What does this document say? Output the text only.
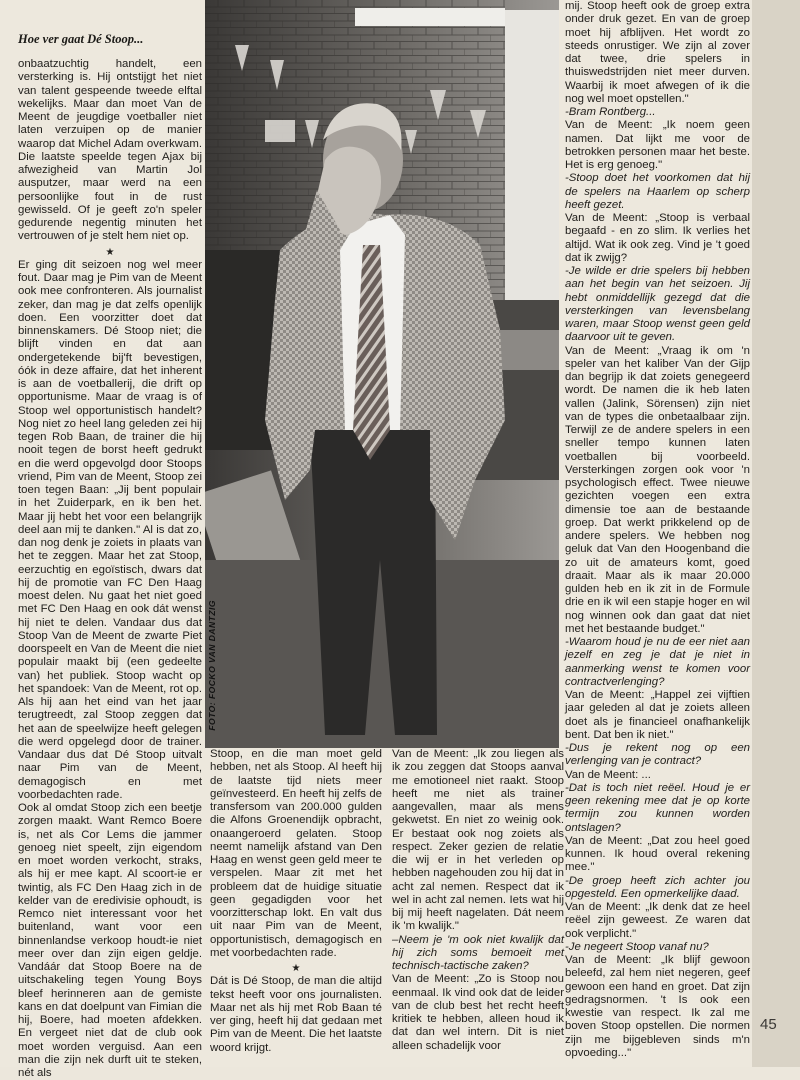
Hoe ver gaat Dé Stoop...

onbaatzuchtig handelt, een versterking is. Hij ontstijgt het niet van talent gespeende tweede elftal wekelijks. Maar dan moet Van de Meent de jeugdige voetballer niet laten verzuipen op de manier waarop dat Michel Adam overkwam. Die laatste speelde tegen Ajax bij afwezigheid van Martin Jol ausputzer, maar werd na een persoonlijke fout in de rust gewisseld. Of je geeft zo'n speler gedurende negentig minuten het vertrouwen of je stelt hem niet op.

★

Er ging dit seizoen nog wel meer fout. Daar mag je Pim van de Meent ook mee confronteren. Als journalist zeker, dan mag je dat zelfs openlijk doen. Een voorzitter doet dat binnenskamers. Dé Stoop niet; die blijft vinden en dat aan ondergetekende bij'ft bevestigen, óók in deze affaire, dat het inherent is aan de voetballerij, die drift op opportunisme. Maar de vraag is of Stoop wel opportunistisch handelt? Nog niet zo heel lang geleden zei hij tegen Rob Baan, de trainer die hij nooit tegen de borst heeft gedrukt en die werd opgevolgd door Stoops vriend, Pim van de Meent, Stoop zei toen tegen Baan: „Jij bent populair in het Zuiderpark, en ik ben het. Maar jij hebt het voor een belangrijk deel aan mij te danken." Al is dat zo, dan nog denk je zoiets in plaats van het te zeggen. Maar het zat Stoop, eerzuchtig en egoïstisch, dwars dat hij de promotie van FC Den Haag moest delen. Nu gaat het niet goed met FC Den Haag en ook dát wenst hij niet te delen. Vandaar dus dat Stoop Van de Meent de zwarte Piet doorspeelt en Van de Meent die niet populair maakt bij (een gedeelte van) het publiek. Stoop wacht op het spandoek: Van de Meent, rot op. Als hij aan het eind van het jaar terugtreedt, zal Stoop zeggen dat het aan de speelwijze heeft gelegen die werd opgelegd door de trainer. Vandaar dus dat Dé Stoop uitvalt naar Pim van de Meent, demagogisch en met voorbedachten rade.

Ook al omdat Stoop zich een beetje zorgen maakt. Want Remco Boere is, net als Cor Lems die jammer genoeg niet speelt, zijn eigendom en moet worden verkocht, straks, als hij er mee kapt. Al scoort-ie er twintig, als FC Den Haag zich in de kelder van de eredivisie ophoudt, is Remco niet interessant voor het buitenland, want voor een binnenlandse verkoop houdt-ie niet meer over dan zijn eigen geldje. Vandáár dat Stoop Boere na de uitschakeling tegen Young Boys bleef herinneren aan de gemiste kans en dat doelpunt van Fimian die hij, Boere, had moeten afdekken. En vergeet niet dat de club ook moet worden verguisd. Aan een man die zijn nek durft uit te steken, nét als

FOTO: FOCKO VAN DANTZIG

Stoop, en die man moet geld hebben, net als Stoop. Al heeft hij de laatste tijd niets meer geïnvesteerd. En heeft hij zelfs de transfersom van 200.000 gulden die Alfons Groenendijk opbracht, onaangeroerd gelaten. Stoop neemt namelijk afstand van Den Haag en wenst geen geld meer te verspelen. Maar zit met het probleem dat de huidige situatie geen gegadigden voor het voorzitterschap lokt. En valt dus uit naar Pim van de Meent, opportunistisch, demagogisch en met voorbedachten rade.

★

Dát is Dé Stoop, de man die altijd tekst heeft voor ons journalisten. Maar net als hij met Rob Baan té ver ging, heeft hij dat gedaan met Pim van de Meent. Die het laatste woord krijgt.

Van de Meent: „Ik zou liegen als ik zou zeggen dat Stoops aanval me emotioneel niet raakt. Stoop heeft me niet als trainer aangevallen, maar als mens gekwetst. En niet zo weinig ook. Er bestaat ook nog zoiets als respect. Zeker gezien de relatie die wij er in het verleden op hebben nagehouden zou hij dat in acht zal nemen. Respect dat ik wel in acht zal nemen. Iets wat hij bij mij heeft nagelaten. Dát neem ik 'm kwalijk."

–Neem je 'm ook niet kwalijk dat hij zich soms bemoeit met technisch-tactische zaken?

Van de Meent: „Zo is Stoop nou eenmaal. Ik vind ook dat de leider van de club best het recht heeft kritiek te hebben, alleen houd ik dat dan wel intern. Dit is niet alleen schadelijk voor

mij. Stoop heeft ook de groep extra onder druk gezet. En van de groep moet hij afblijven. Het wordt zo steeds onrustiger. We zijn al zover dat twee, drie spelers in thuiswedstrijden niet meer durven. Waarbij ik moet afwegen of ik die nog wel moet opstellen."

-Bram Rontberg...

Van de Meent: „Ik noem geen namen. Dat lijkt me voor de betrokken personen maar het beste. Het is erg genoeg."

-Stoop doet het voorkomen dat hij de spelers na Haarlem op scherp heeft gezet.

Van de Meent: „Stoop is verbaal begaafd - en zo slim. Ik verlies het altijd. Wat ik ook zeg. Vind je 't goed dat ik zwijg?

-Je wilde er drie spelers bij hebben aan het begin van het seizoen. Jij hebt onmiddellijk gezegd dat die versterkingen van levensbelang waren, maar Stoop wenst geen geld daarvoor uit te geven.

Van de Meent: „Vraag ik om 'n speler van het kaliber Van der Gijp dan begrijp ik dat zoiets genegeerd wordt. De namen die ik heb laten vallen (Jalink, Sörensen) zijn niet van de types die onbetaalbaar zijn. Terwijl ze de andere spelers in een sneller tempo kunnen laten voetballen bij voorbeeld. Versterkingen zorgen ook voor 'n psychologisch effect. Twee nieuwe gezichten voegen een extra dimensie toe aan de bestaande groep. Dat werkt prikkelend op de andere spelers. We hebben nog geluk dat Van den Hoogenband die zo uit de amateurs komt, goed draait. Maar als ik maar 20.000 gulden heb en ik zit in de Formule drie en ik wil een stapje hoger en wil nog winnen ook dan gaat dat niet met het bestaande budget."

-Waarom houd je nu de eer niet aan jezelf en zeg je dat je niet in aanmerking wenst te komen voor contractverlenging?

Van de Meent: „Happel zei vijftien jaar geleden al dat je zoiets alleen doet als je financieel onafhankelijk bent. Dat ben ik niet."

-Dus je rekent nog op een verlenging van je contract?

Van de Meent: ...

-Dat is toch niet reëel. Houd je er geen rekening mee dat je op korte termijn zou kunnen worden ontslagen?

Van de Meent: „Dat zou heel goed kunnen. Ik houd overal rekening mee."

-De groep heeft zich achter jou opgesteld. Een opmerkelijke daad.

Van de Meent: „Ik denk dat ze heel reëel zijn geweest. Ze waren dat ook verplicht."

-Je negeert Stoop vanaf nu?

Van de Meent: „Ik blijf gewoon beleefd, zal hem niet negeren, geef gewoon een hand en groet. Dat zijn gedragsnormen. 't Is ook een kwestie van respect. Ik zal me boven Stoop opstellen. Die normen zijn me bijgebleven sinds m'n opvoeding..."

45
